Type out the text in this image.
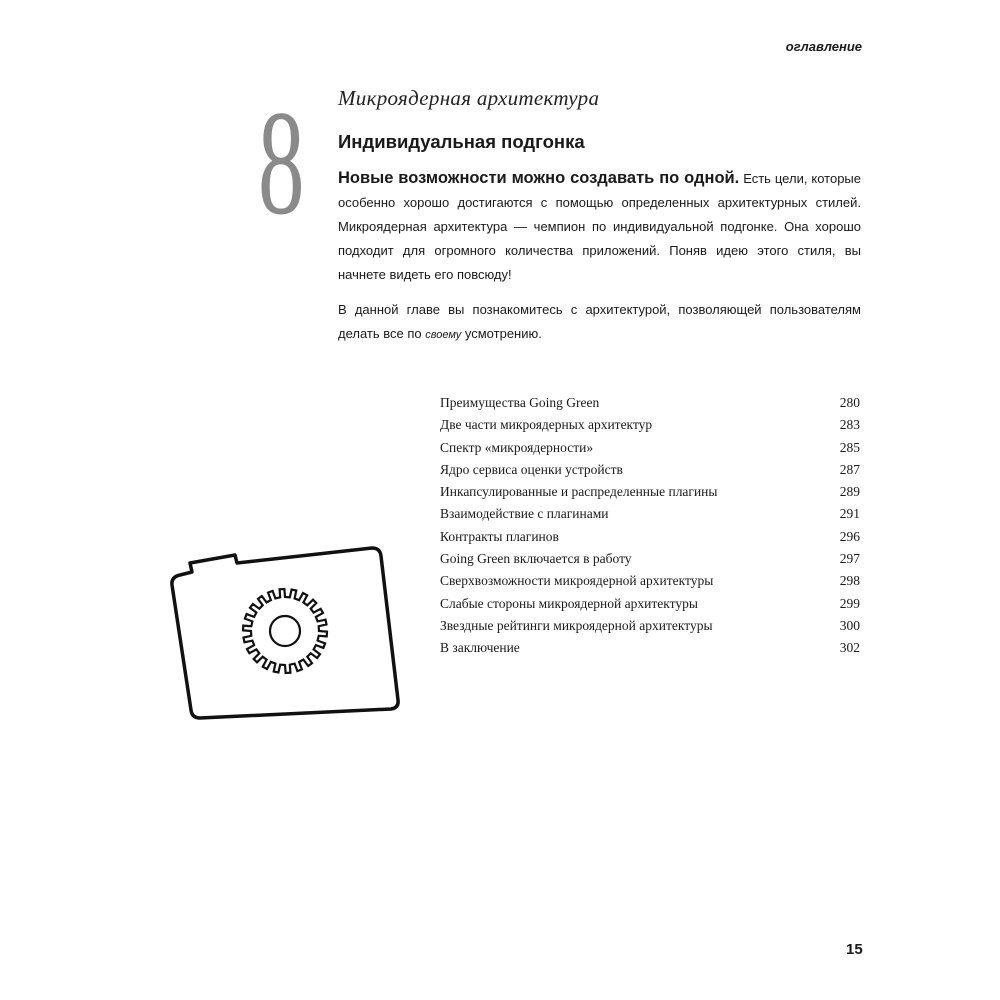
оглавление
8 Микроядерная архитектура
Индивидуальная подгонка
Новые возможности можно создавать по одной. Есть цели, которые особенно хорошо достигаются с помощью определенных архитектурных стилей. Микроядерная архитектура — чемпион по индивидуальной подгонке. Она хорошо подходит для огромного количества приложений. Поняв идею этого стиля, вы начнете видеть его повсюду!
В данной главе вы познакомитесь с архитектурой, позволяющей пользователям делать все по своему усмотрению.
Преимущества Going Green	280
Две части микроядерных архитектур	283
Спектр «микроядерности»	285
Ядро сервиса оценки устройств	287
Инкапсулированные и распределенные плагины	289
Взаимодействие с плагинами	291
Контракты плагинов	296
Going Green включается в работу	297
Сверхвозможности микроядерной архитектуры	298
Слабые стороны микроядерной архитектуры	299
Звездные рейтинги микроядерной архитектуры	300
В заключение	302
15
